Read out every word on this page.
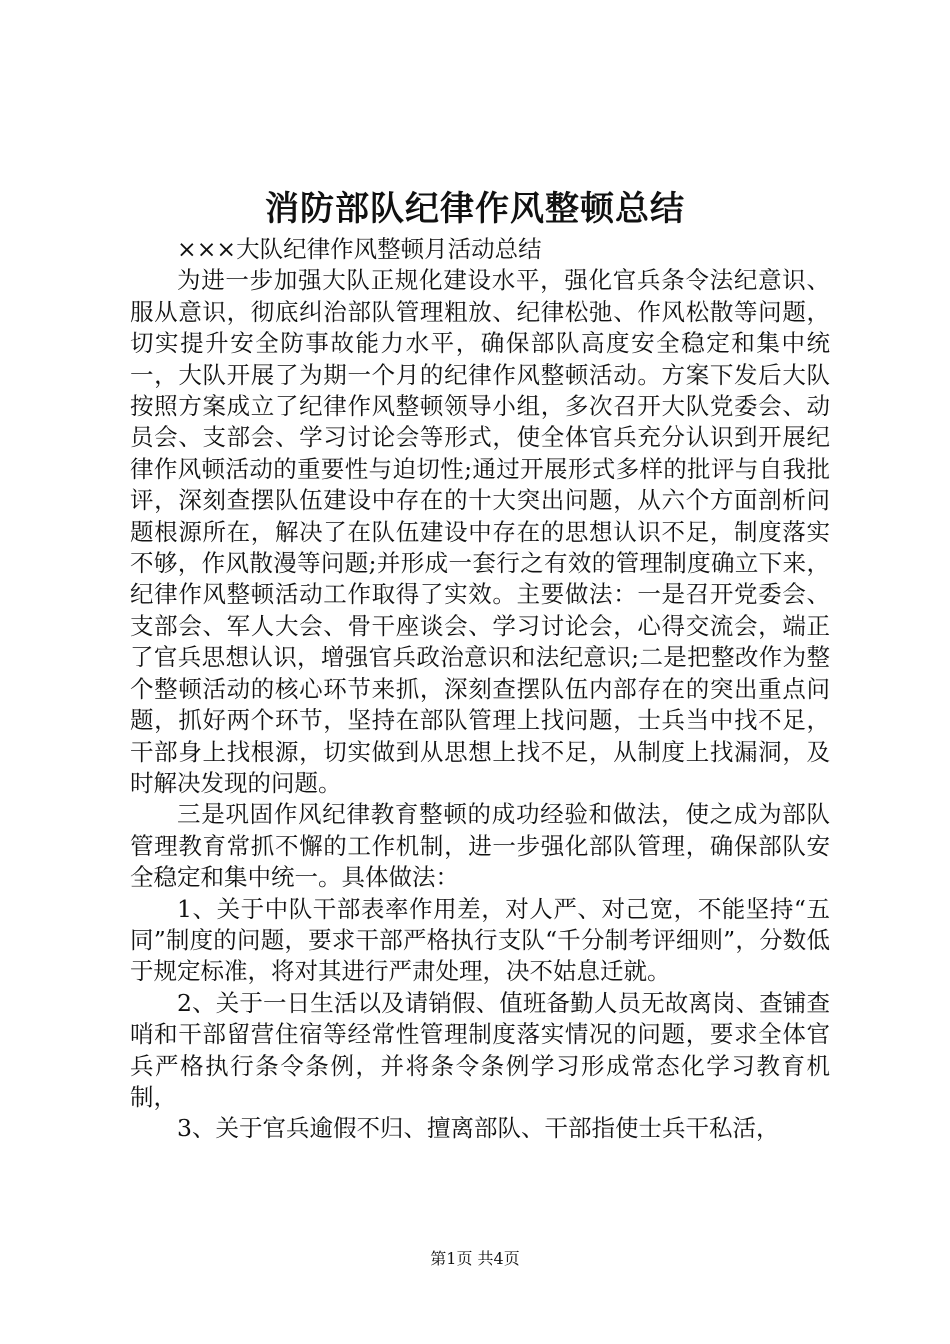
消防部队纪律作风整顿总结

×××大队纪律作风整顿月活动总结

为进一步加强大队正规化建设水平，强化官兵条令法纪意识、服从意识，彻底纠治部队管理粗放、纪律松弛、作风松散等问题，切实提升安全防事故能力水平，确保部队高度安全稳定和集中统一，大队开展了为期一个月的纪律作风整顿活动。方案下发后大队按照方案成立了纪律作风整顿领导小组，多次召开大队党委会、动员会、支部会、学习讨论会等形式，使全体官兵充分认识到开展纪律作风顿活动的重要性与迫切性;通过开展形式多样的批评与自我批评，深刻查摆队伍建设中存在的十大突出问题，从六个方面剖析问题根源所在，解决了在队伍建设中存在的思想认识不足，制度落实不够，作风散漫等问题;并形成一套行之有效的管理制度确立下来，纪律作风整顿活动工作取得了实效。主要做法：一是召开党委会、支部会、军人大会、骨干座谈会、学习讨论会，心得交流会，端正了官兵思想认识，增强官兵政治意识和法纪意识;二是把整改作为整个整顿活动的核心环节来抓，深刻查摆队伍内部存在的突出重点问题，抓好两个环节，坚持在部队管理上找问题，士兵当中找不足，干部身上找根源，切实做到从思想上找不足，从制度上找漏洞，及时解决发现的问题。

三是巩固作风纪律教育整顿的成功经验和做法，使之成为部队管理教育常抓不懈的工作机制，进一步强化部队管理，确保部队安全稳定和集中统一。具体做法：

1、关于中队干部表率作用差，对人严、对己宽，不能坚持“五同”制度的问题，要求干部严格执行支队“千分制考评细则”，分数低于规定标准，将对其进行严肃处理，决不姑息迁就。

2、关于一日生活以及请销假、值班备勤人员无故离岗、查铺查哨和干部留营住宿等经常性管理制度落实情况的问题，要求全体官兵严格执行条令条例，并将条令条例学习形成常态化学习教育机制，

3、关于官兵逾假不归、擅离部队、干部指使士兵干私活，

第1页 共4页
